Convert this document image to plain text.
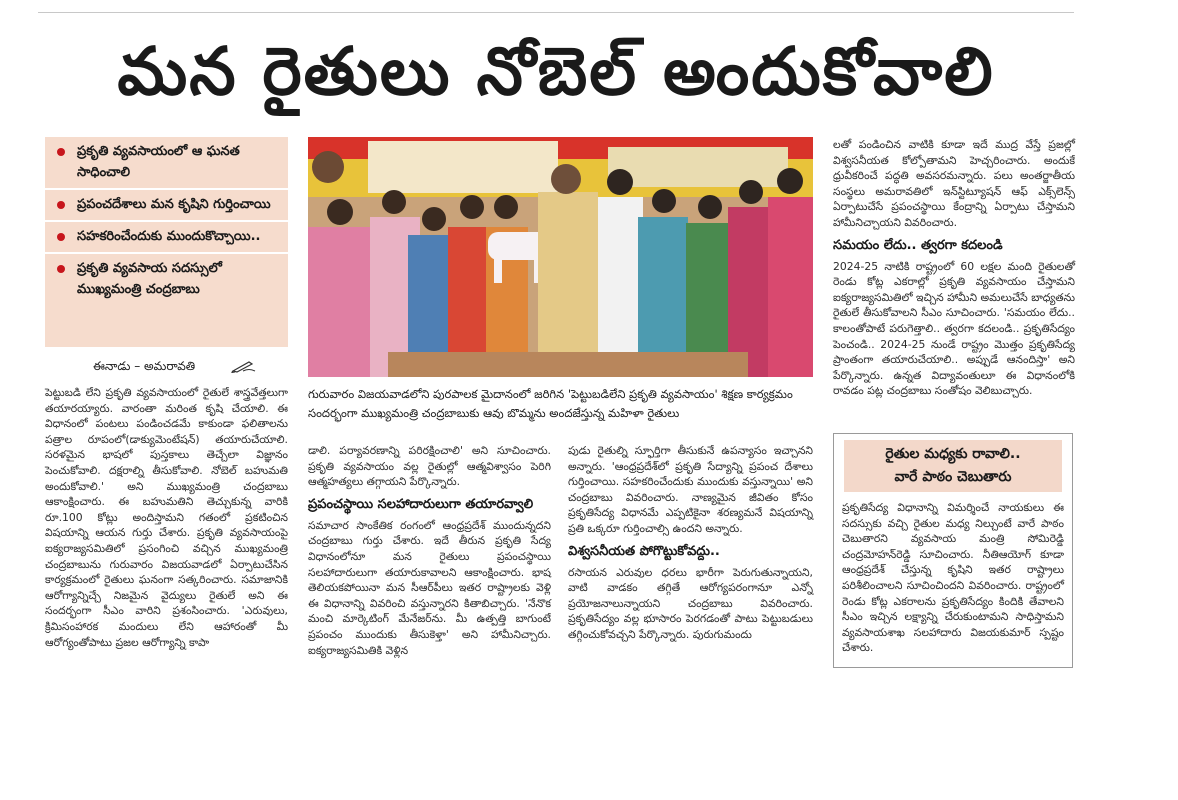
మన రైతులు నోబెల్ అందుకోవాలి
ప్రకృతి వ్యవసాయంలో ఆ ఘనత సాధించాలి
ప్రపంచదేశాలు మన కృషిని గుర్తించాయి
సహకరించేందుకు ముందుకొచ్చాయి..
ప్రకృతి వ్యవసాయ సదస్సులో ముఖ్యమంత్రి చంద్రబాబు
ఈనాడు – అమరావతి
గురువారం విజయవాడలోని పురపాలక మైదానంలో జరిగిన 'పెట్టుబడిలేని ప్రకృతి వ్యవసాయం' శిక్షణ కార్యక్రమం సందర్భంగా ముఖ్యమంత్రి చంద్రబాబుకు ఆవు బొమ్మను అందజేస్తున్న మహిళా రైతులు

పెట్టుబడి లేని ప్రకృతి వ్యవసాయంలో రైతులే శాస్త్రవేత్తలుగా తయారయ్యారు. వారంతా మరింత కృషి చేయాలి. ఈ విధానంలో పంటలు పండించడమే కాకుండా ఫలితాలను పత్రాల రూపంలో(డాక్యుమెంటేషన్) తయారుచేయాలి. సరళమైన భాషలో పుస్తకాలు తెచ్చేలా విజ్ఞానం పెంచుకోవాలి. దక్షరాల్ని తీసుకోవాలి. నోబెల్ బహుమతి అందుకోవాలి.' అని ముఖ్యమంత్రి చంద్రబాబు ఆకాంక్షించారు. ఈ బహుమతిని తెచ్చుకున్న వారికి రూ.100 కోట్లు అందిస్తామని గతంలో ప్రకటించిన విషయాన్ని ఆయన గుర్తు చేశారు. ప్రకృతి వ్యవసాయంపై ఐక్యరాజ్యసమితిలో ప్రసంగించి వచ్చిన ముఖ్యమంత్రి చంద్రబాబును గురువారం విజయవాడలో ఏర్పాటుచేసిన కార్యక్రమంలో రైతులు ఘనంగా సత్కరించారు. సమాజానికి ఆరోగ్యాన్నిచ్చే నిజమైన వైద్యులు రైతులే అని ఈ సందర్భంగా సీఎం వారిని ప్రశంసించారు. 'ఎరువులు, క్రిమిసంహారక మందులు లేని ఆహారంతో మీ ఆరోగ్యంతోపాటు ప్రజల ఆరోగ్యాన్ని కాపా

డాలి. పర్యావరణాన్ని పరిరక్షించాలి' అని సూచించారు. ప్రకృతి వ్యవసాయం వల్ల రైతుల్లో ఆత్మవిశ్వాసం పెరిగి ఆత్మహత్యలు తగ్గాయని పేర్కొన్నారు.

ప్రపంచస్థాయి సలహాదారులుగా తయారవ్వాలి

సమాచార సాంకేతిక రంగంలో ఆంధ్రప్రదేశ్ ముందున్నదని చంద్రబాబు గుర్తు చేశారు. ఇదే తీరున ప్రకృతి సేద్య విధానంలోనూ మన రైతులు ప్రపంచస్థాయి సలహాదారులుగా తయారుకావాలని ఆకాంక్షించారు. భాష తెలియకపోయినా మన సీఆర్‌పీలు ఇతర రాష్ట్రాలకు వెళ్లి ఈ విధానాన్ని వివరించి వస్తున్నారని కితాబిచ్చారు. 'నేనొక మంచి మార్కెటింగ్ మేనేజర్‌ను. మీ ఉత్పత్తి బాగుంటే ప్రపంచం ముందుకు తీసుకెళ్తా' అని హామీనిచ్చారు. ఐక్యరాజ్యసమితికి వెళ్లిన

పుడు రైతుల్ని స్ఫూర్తిగా తీసుకునే ఉపన్యాసం ఇచ్చానని అన్నారు. 'ఆంధ్రప్రదేశ్‌లో ప్రకృతి సేద్యాన్ని ప్రపంచ దేశాలు గుర్తించాయి. సహకరించేందుకు ముందుకు వస్తున్నాయి' అని చంద్రబాబు వివరించారు. నాణ్యమైన జీవితం కోసం ప్రకృతిసేద్య విధానమే ఎప్పటికైనా శరణ్యమనే విషయాన్ని ప్రతి ఒక్కరూ గుర్తించాల్సి ఉందని అన్నారు.

విశ్వసనీయత పోగొట్టుకోవద్దు..

రసాయన ఎరువుల ధరలు భారీగా పెరుగుతున్నాయని, వాటి వాడకం తగ్గితే ఆరోగ్యపరంగానూ ఎన్నో ప్రయోజనాలున్నాయని చంద్రబాబు వివరించారు. ప్రకృతిసేద్యం వల్ల భూసారం పెరగడంతో పాటు పెట్టుబడులు తగ్గించుకోవచ్చని పేర్కొన్నారు. పురుగుమందు

లతో పండించిన వాటికి కూడా ఇదే ముద్ర వేస్తే ప్రజల్లో విశ్వసనీయత కోల్పోతామని హెచ్చరించారు. అందుకే ధ్రువీకరించే పద్ధతి అవసరమన్నారు. పలు అంతర్జాతీయ సంస్థలు అమరావతిలో ఇన్‌స్టిట్యూషన్ ఆఫ్ ఎక్స్‌లెన్స్ ఏర్పాటుచేసే ప్రపంచస్థాయి కేంద్రాన్ని ఏర్పాటు చేస్తామని హామీనిచ్చాయని వివరించారు.

సమయం లేదు.. త్వరగా కదలండి

2024-25 నాటికి రాష్ట్రంలో 60 లక్షల మంది రైతులతో రెండు కోట్ల ఎకరాల్లో ప్రకృతి వ్యవసాయం చేస్తామని ఐక్యరాజ్యసమితిలో ఇచ్చిన హామీని అమలుచేసే బాధ్యతను రైతులే తీసుకోవాలని సీఎం సూచించారు. 'సమయం లేదు.. కాలంతోపాటే పరుగెత్తాలి.. త్వరగా కదలండి.. ప్రకృతిసేద్యం పెంచండి.. 2024-25 నుండే రాష్ట్రం మొత్తం ప్రకృతిసేద్య ప్రాంతంగా తయారుచేయాలి.. అప్పుడే ఆనందిస్తా' అని పేర్కొన్నారు. ఉన్నత విద్యావంతులూ ఈ విధానంలోకి రావడం పట్ల చంద్రబాబు సంతోషం వెలిబుచ్చారు.

రైతుల మధ్యకు రావాలి..
వారే పాఠం చెబుతారు
ప్రకృతిసేద్య విధానాన్ని విమర్శించే నాయకులు ఈ సదస్సుకు వచ్చి రైతుల మధ్య నిల్చుంటే వారే పాఠం చెబుతారని వ్యవసాయ మంత్రి సోమిరెడ్డి చంద్రమోహన్‌రెడ్డి సూచించారు. నీతిఆయోగ్ కూడా ఆంధ్రప్రదేశ్ చేస్తున్న కృషిని ఇతర రాష్ట్రాలు పరిశీలించాలని సూచించిందని వివరించారు. రాష్ట్రంలో రెండు కోట్ల ఎకరాలను ప్రకృతిసేద్యం కిందికి తేవాలని సీఎం ఇచ్చిన లక్ష్యాన్ని చేరుకుంటామని సాధిస్తామని వ్యవసాయశాఖ సలహాదారు విజయకుమార్ స్పష్టం చేశారు.
